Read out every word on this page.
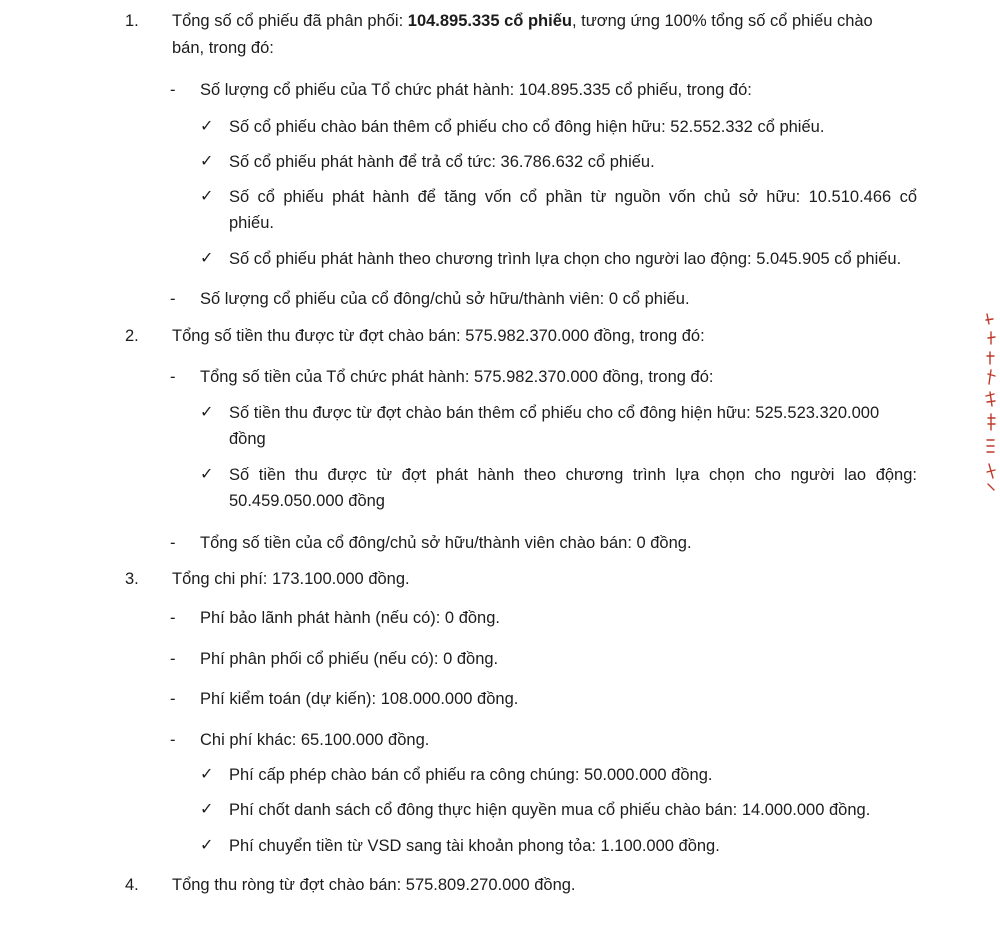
1.	Tổng số cổ phiếu đã phân phối: 104.895.335 cổ phiếu, tương ứng 100% tổng số cổ phiếu chào
bán, trong đó:
-	Số lượng cổ phiếu của Tổ chức phát hành: 104.895.335 cổ phiếu, trong đó:
✓ Số cổ phiếu chào bán thêm cổ phiếu cho cổ đông hiện hữu: 52.552.332 cổ phiếu.
✓ Số cổ phiếu phát hành để trả cổ tức: 36.786.632 cổ phiếu.
✓ Số cổ phiếu phát hành để tăng vốn cổ phần từ nguồn vốn chủ sở hữu: 10.510.466 cổ
phiếu.
✓ Số cổ phiếu phát hành theo chương trình lựa chọn cho người lao động: 5.045.905 cổ phiếu.
-	Số lượng cổ phiếu của cổ đông/chủ sở hữu/thành viên: 0 cổ phiếu.
2.	Tổng số tiền thu được từ đợt chào bán: 575.982.370.000 đồng, trong đó:
-	Tổng số tiền của Tổ chức phát hành: 575.982.370.000 đồng, trong đó:
✓ Số tiền thu được từ đợt chào bán thêm cổ phiếu cho cổ đông hiện hữu: 525.523.320.000
đồng
✓ Số tiền thu được từ đợt phát hành theo chương trình lựa chọn cho người lao động:
50.459.050.000 đồng
-	Tổng số tiền của cổ đông/chủ sở hữu/thành viên chào bán: 0 đồng.
3.	Tổng chi phí: 173.100.000 đồng.
-	Phí bảo lãnh phát hành (nếu có): 0 đồng.
-	Phí phân phối cổ phiếu (nếu có): 0 đồng.
-	Phí kiểm toán (dự kiến): 108.000.000 đồng.
-	Chi phí khác: 65.100.000 đồng.
✓ Phí cấp phép chào bán cổ phiếu ra công chúng: 50.000.000 đồng.
✓ Phí chốt danh sách cổ đông thực hiện quyền mua cổ phiếu chào bán: 14.000.000 đồng.
✓ Phí chuyển tiền từ VSD sang tài khoản phong tỏa: 1.100.000 đồng.
4.	Tổng thu ròng từ đợt chào bán: 575.809.270.000 đồng.
